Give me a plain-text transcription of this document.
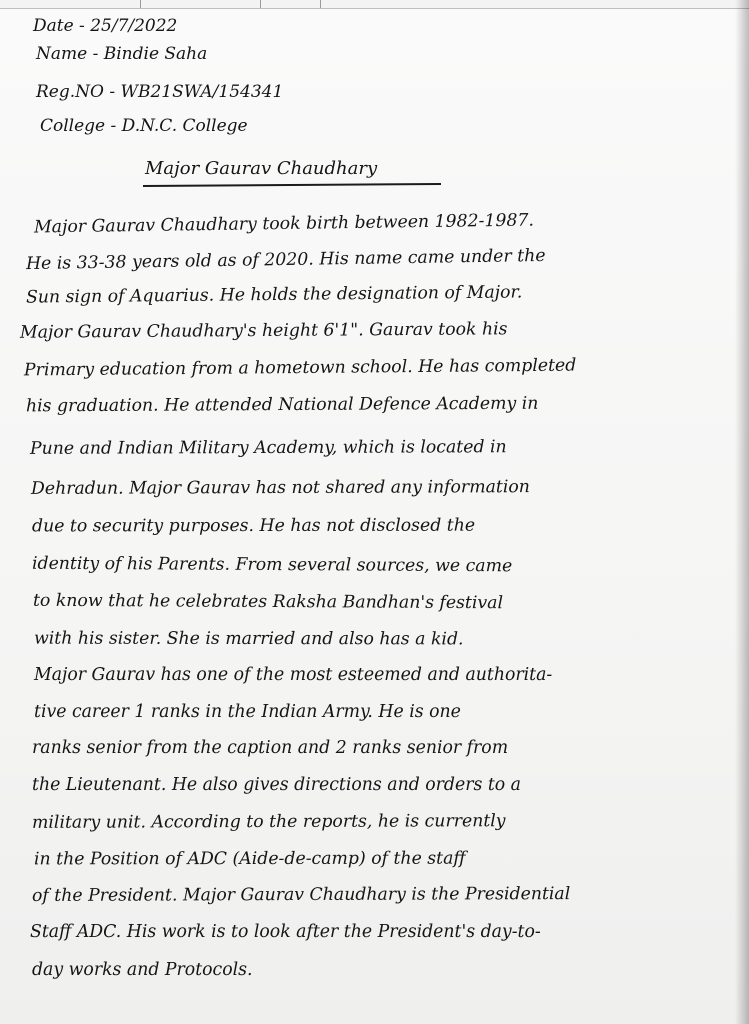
Date - 25/7/2022
Name - Bindie Saha
Reg.NO - WB21SWA/154341
College - D.N.C. College
Major Gaurav Chaudhary
Major Gaurav Chaudhary took birth between 1982-1987.
He is 33-38 years old as of 2020. His name came under the
Sun sign of Aquarius. He holds the designation of Major.
Major Gaurav Chaudhary's height 6'1". Gaurav took his
Primary education from a hometown school. He has completed
his graduation. He attended National Defence Academy in
Pune and Indian Military Academy, which is located in
Dehradun. Major Gaurav has not shared any information
due to security purposes. He has not disclosed the
identity of his Parents. From several sources, we came
to know that he celebrates Raksha Bandhan's festival
with his sister. She is married and also has a kid.
Major Gaurav has one of the most esteemed and authorita-
tive career 1 ranks in the Indian Army. He is one
ranks senior from the caption and 2 ranks senior from
the Lieutenant. He also gives directions and orders to a
military unit. According to the reports, he is currently
in the Position of ADC (Aide-de-camp) of the staff
of the President. Major Gaurav Chaudhary is the Presidential
Staff ADC. His work is to look after the President's day-to-
day works and Protocols.
